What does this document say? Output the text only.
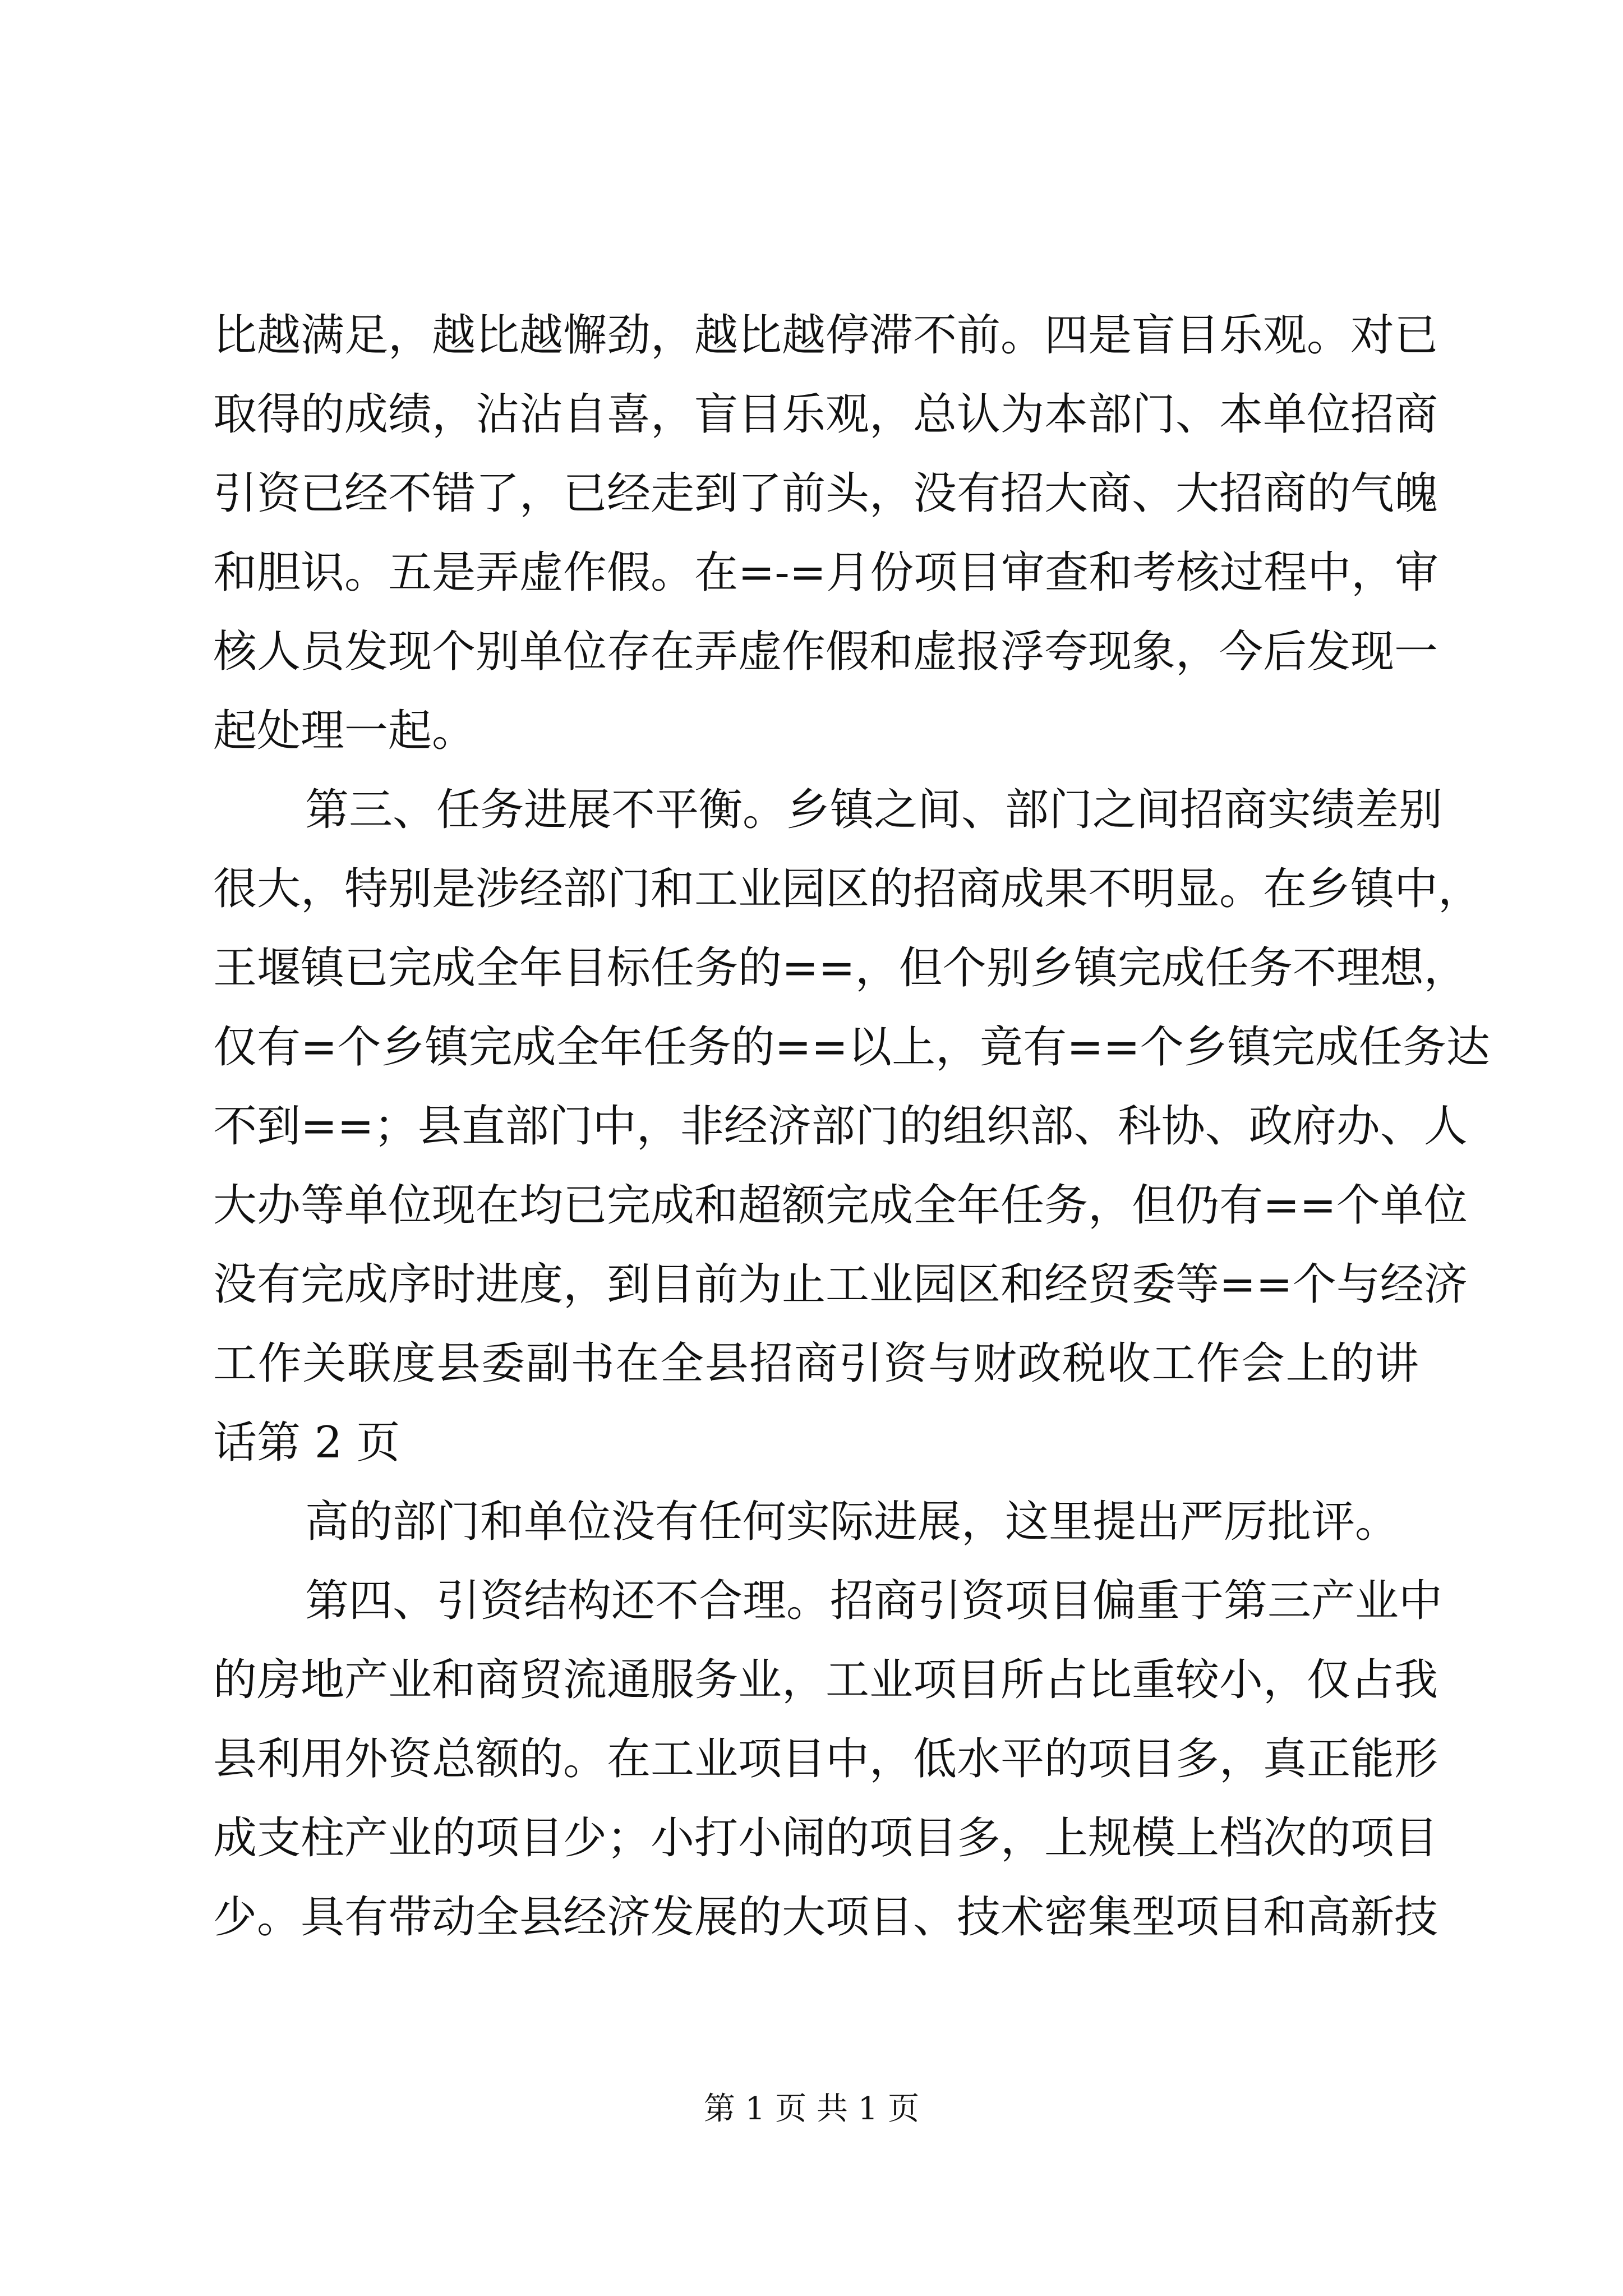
比越满足，越比越懈劲，越比越停滞不前。四是盲目乐观。对已
取得的成绩，沾沾自喜，盲目乐观，总认为本部门、本单位招商
引资已经不错了，已经走到了前头，没有招大商、大招商的气魄
和胆识。五是弄虚作假。在=-=月份项目审查和考核过程中，审
核人员发现个别单位存在弄虚作假和虚报浮夸现象，今后发现一
起处理一起。
第三、任务进展不平衡。乡镇之间、部门之间招商实绩差别
很大，特别是涉经部门和工业园区的招商成果不明显。在乡镇中，
王堰镇已完成全年目标任务的==，但个别乡镇完成任务不理想，
仅有=个乡镇完成全年任务的==以上，竟有==个乡镇完成任务达
不到==；县直部门中，非经济部门的组织部、科协、政府办、人
大办等单位现在均已完成和超额完成全年任务，但仍有==个单位
没有完成序时进度，到目前为止工业园区和经贸委等==个与经济
工作关联度县委副书在全县招商引资与财政税收工作会上的讲
话第 2 页
高的部门和单位没有任何实际进展，这里提出严厉批评。
第四、引资结构还不合理。招商引资项目偏重于第三产业中
的房地产业和商贸流通服务业，工业项目所占比重较小，仅占我
县利用外资总额的。在工业项目中，低水平的项目多，真正能形
成支柱产业的项目少；小打小闹的项目多，上规模上档次的项目
少。具有带动全县经济发展的大项目、技术密集型项目和高新技
第 1 页 共 1 页
